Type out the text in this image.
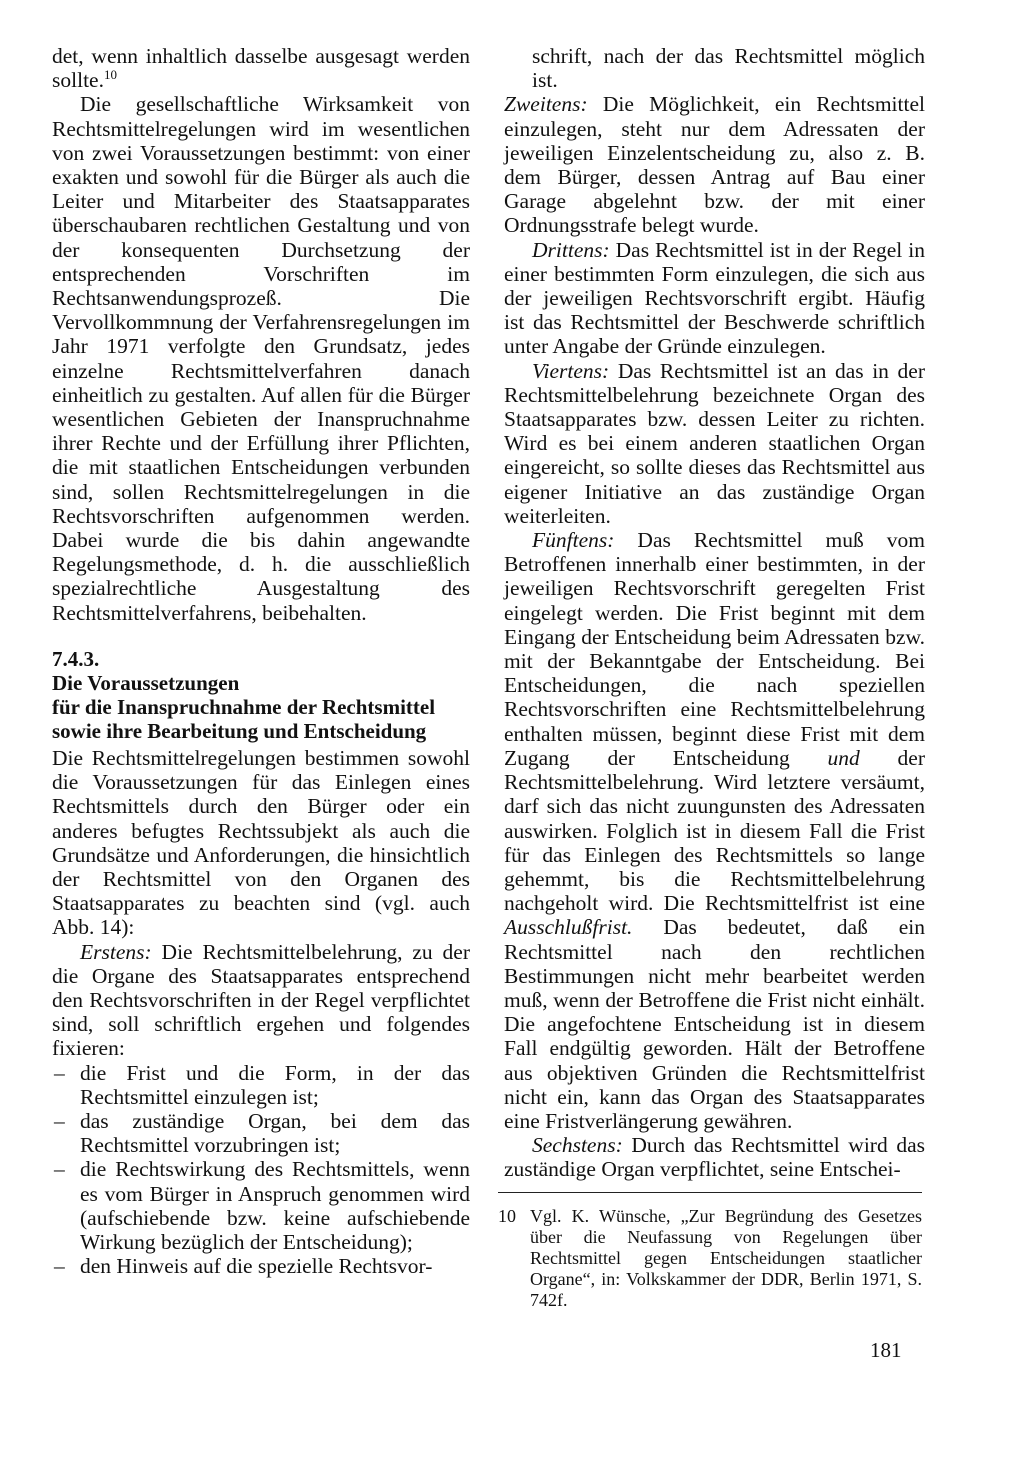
det, wenn inhaltlich dasselbe ausgesagt werden sollte.$^{10}$

Die gesellschaftliche Wirksamkeit von Rechtsmittelregelungen wird im wesentlichen von zwei Voraussetzungen bestimmt: von einer exakten und sowohl für die Bürger als auch die Leiter und Mitarbeiter des Staatsapparates überschaubaren rechtlichen Gestaltung und von der konsequenten Durchsetzung der entsprechenden Vorschriften im Rechtsanwendungsprozeß. Die Vervollkommnung der Verfahrensregelungen im Jahr 1971 verfolgte den Grundsatz, jedes einzelne Rechtsmittelverfahren danach einheitlich zu gestalten. Auf allen für die Bürger wesentlichen Gebieten der Inanspruchnahme ihrer Rechte und der Erfüllung ihrer Pflichten, die mit staatlichen Entscheidungen verbunden sind, sollen Rechtsmittelregelungen in die Rechtsvorschriften aufgenommen werden. Dabei wurde die bis dahin angewandte Regelungsmethode, d. h. die ausschließlich spezialrechtliche Ausgestaltung des Rechtsmittelverfahrens, beibehalten.

7.4.3.

Die Voraussetzungen

für die Inanspruchnahme der Rechtsmittel

sowie ihre Bearbeitung und Entscheidung

Die Rechtsmittelregelungen bestimmen sowohl die Voraussetzungen für das Einlegen eines Rechtsmittels durch den Bürger oder ein anderes befugtes Rechtssubjekt als auch die Grundsätze und Anforderungen, die hinsichtlich der Rechtsmittel von den Organen des Staatsapparates zu beachten sind (vgl. auch Abb. 14):

Erstens: Die Rechtsmittelbelehrung, zu der die Organe des Staatsapparates entsprechend den Rechtsvorschriften in der Regel verpflichtet sind, soll schriftlich ergehen und folgendes fixieren:

– die Frist und die Form, in der das Rechtsmittel einzulegen ist;
– das zuständige Organ, bei dem das Rechtsmittel vorzubringen ist;
– die Rechtswirkung des Rechtsmittels, wenn es vom Bürger in Anspruch genommen wird (aufschiebende bzw. keine aufschiebende Wirkung bezüglich der Entscheidung);
– den Hinweis auf die spezielle Rechtsvor-

schrift, nach der das Rechtsmittel möglich ist.

Zweitens: Die Möglichkeit, ein Rechtsmittel einzulegen, steht nur dem Adressaten der jeweiligen Einzelentscheidung zu, also z. B. dem Bürger, dessen Antrag auf Bau einer Garage abgelehnt bzw. der mit einer Ordnungsstrafe belegt wurde.

Drittens: Das Rechtsmittel ist in der Regel in einer bestimmten Form einzulegen, die sich aus der jeweiligen Rechtsvorschrift ergibt. Häufig ist das Rechtsmittel der Beschwerde schriftlich unter Angabe der Gründe einzulegen.

Viertens: Das Rechtsmittel ist an das in der Rechtsmittelbelehrung bezeichnete Organ des Staatsapparates bzw. dessen Leiter zu richten. Wird es bei einem anderen staatlichen Organ eingereicht, so sollte dieses das Rechtsmittel aus eigener Initiative an das zuständige Organ weiterleiten.

Fünftens: Das Rechtsmittel muß vom Betroffenen innerhalb einer bestimmten, in der jeweiligen Rechtsvorschrift geregelten Frist eingelegt werden. Die Frist beginnt mit dem Eingang der Entscheidung beim Adressaten bzw. mit der Bekanntgabe der Entscheidung. Bei Entscheidungen, die nach speziellen Rechtsvorschriften eine Rechtsmittelbelehrung enthalten müssen, beginnt diese Frist mit dem Zugang der Entscheidung und der Rechtsmittelbelehrung. Wird letztere versäumt, darf sich das nicht zuungunsten des Adressaten auswirken. Folglich ist in diesem Fall die Frist für das Einlegen des Rechtsmittels so lange gehemmt, bis die Rechtsmittelbelehrung nachgeholt wird. Die Rechtsmittelfrist ist eine Ausschlußfrist. Das bedeutet, daß ein Rechtsmittel nach den rechtlichen Bestimmungen nicht mehr bearbeitet werden muß, wenn der Betroffene die Frist nicht einhält. Die angefochtene Entscheidung ist in diesem Fall endgültig geworden. Hält der Betroffene aus objektiven Gründen die Rechtsmittelfrist nicht ein, kann das Organ des Staatsapparates eine Fristverlängerung gewähren.

Sechstens: Durch das Rechtsmittel wird das zuständige Organ verpflichtet, seine Entschei-

10 Vgl. K. Wünsche, „Zur Begründung des Gesetzes über die Neufassung von Regelungen über Rechtsmittel gegen Entscheidungen staatlicher Organe“, in: Volkskammer der DDR, Berlin 1971, S. 742f.
181
